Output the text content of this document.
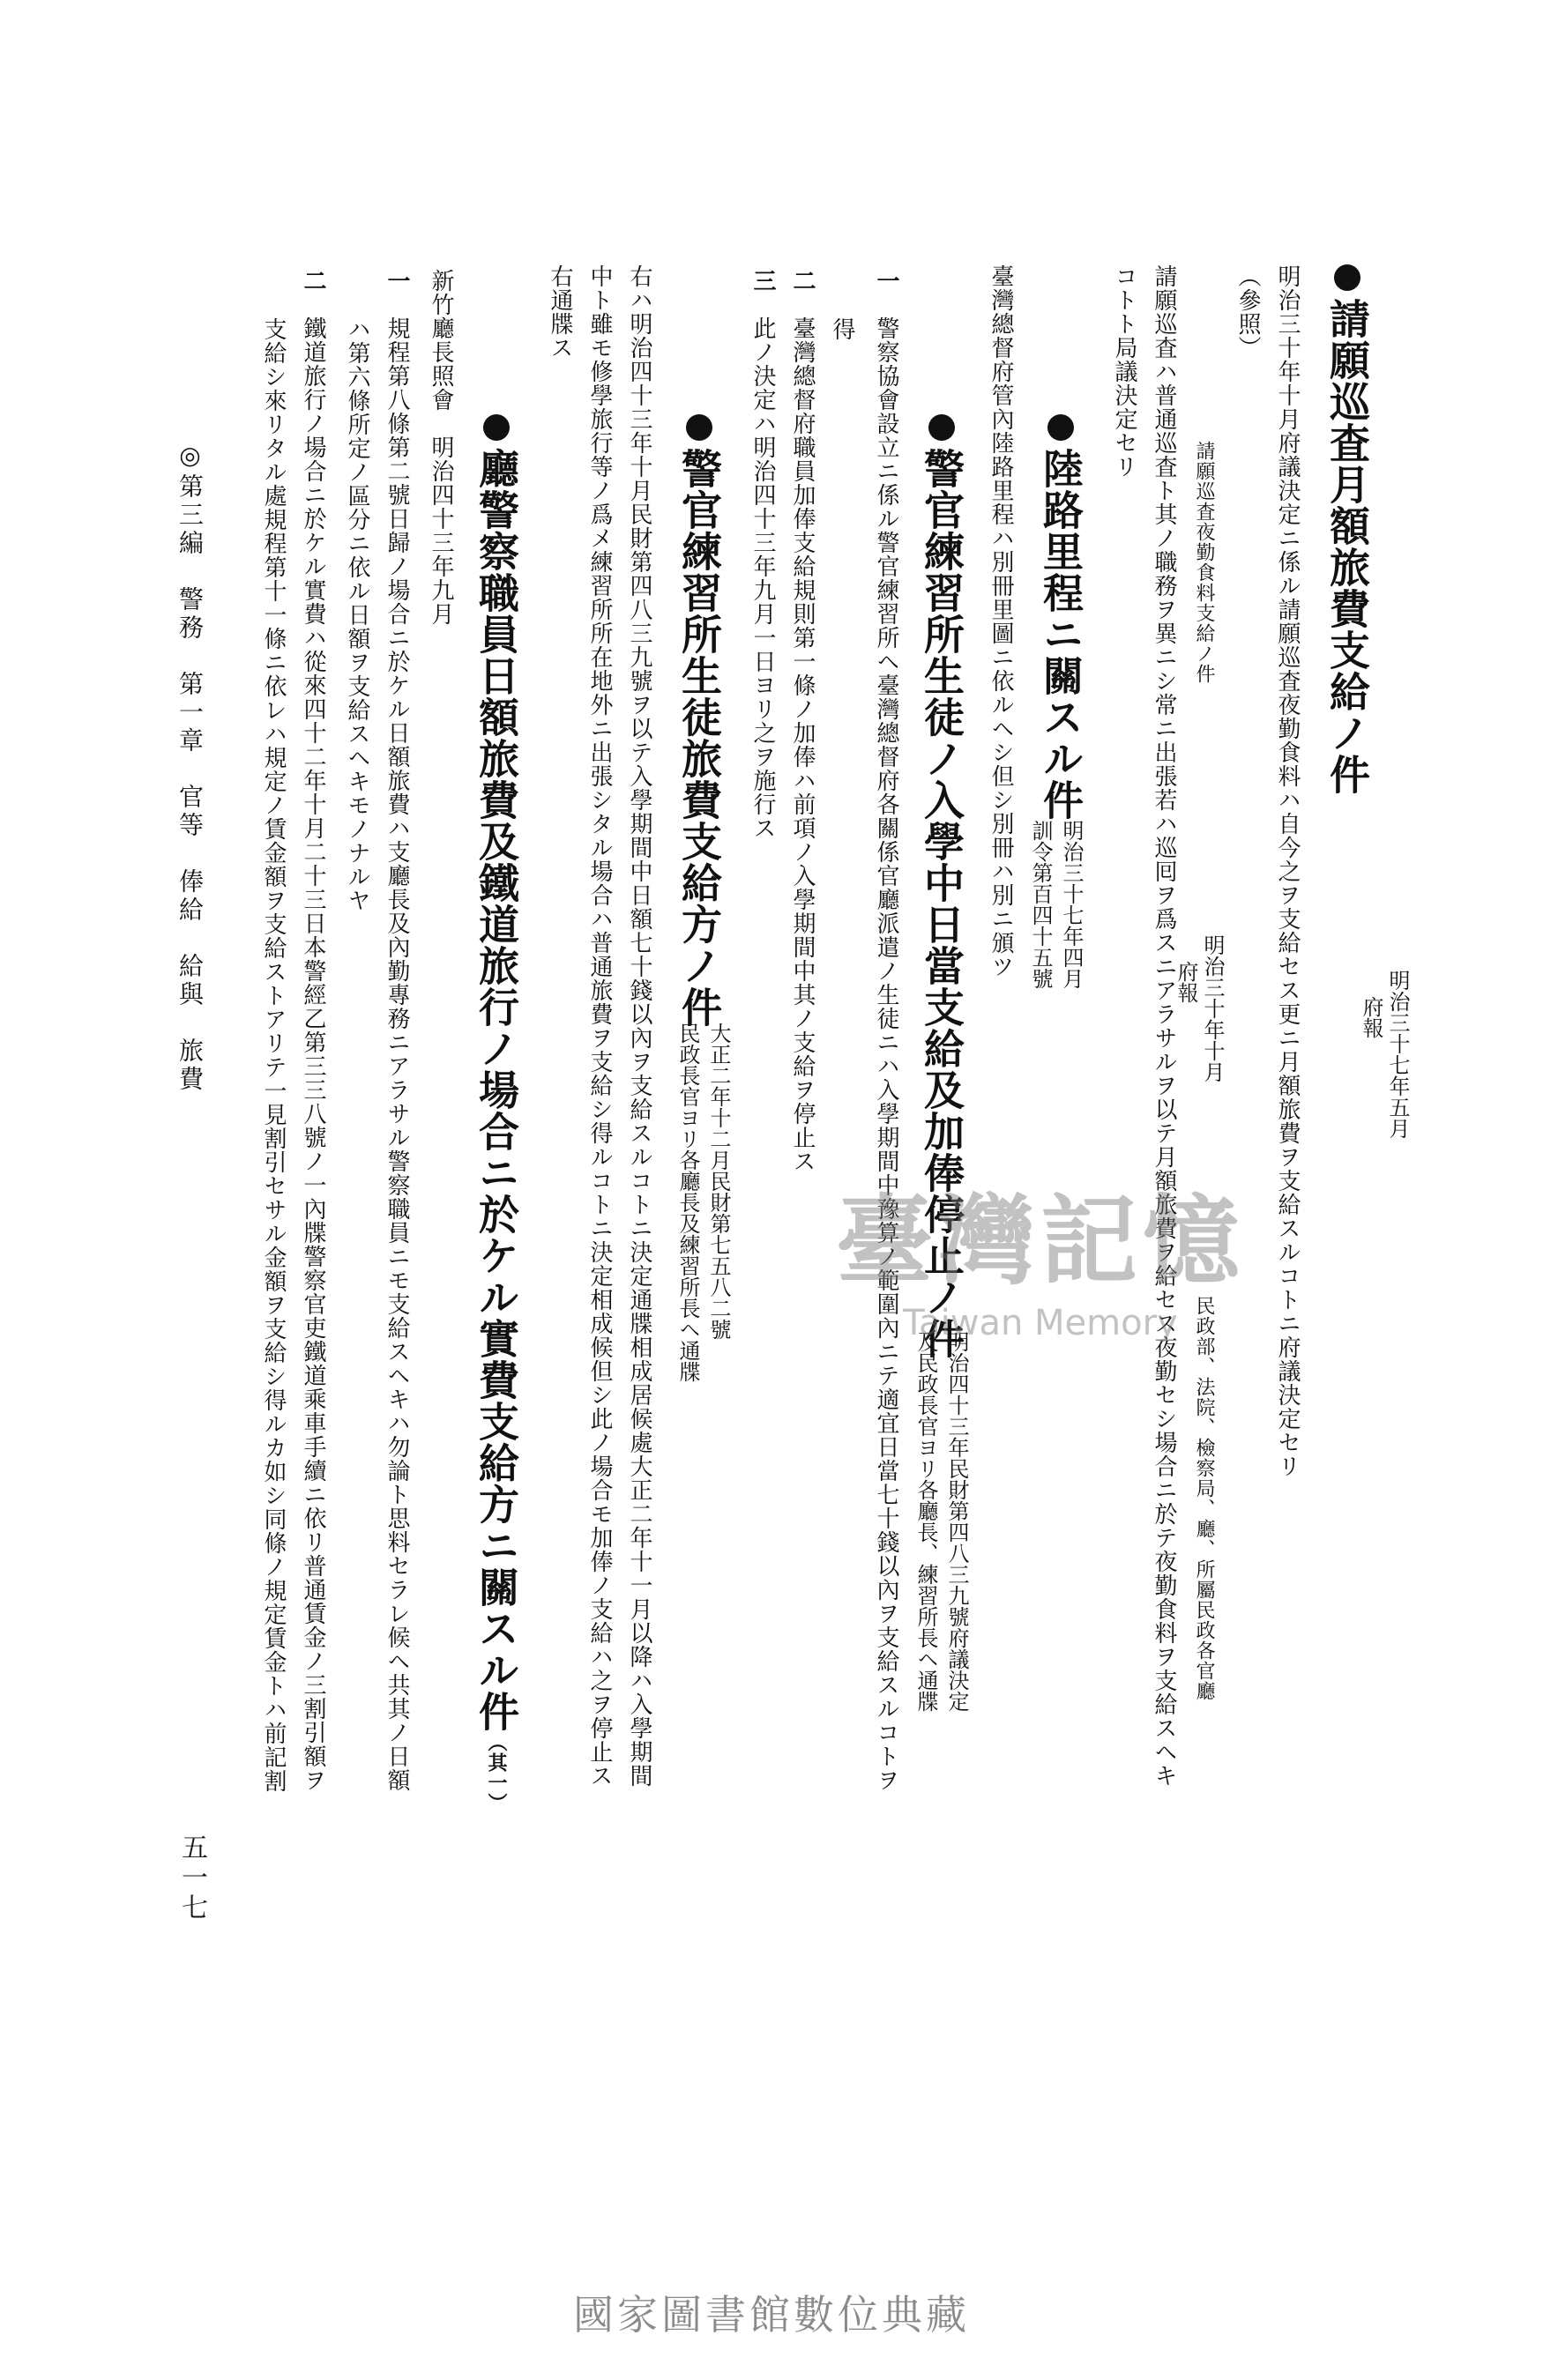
請願巡査月額旅費支給ノ件
明治三十七年五月
府報
明治三十年十月府議決定ニ係ル請願巡査夜勤食料ハ自今之ヲ支給セス更ニ月額旅費ヲ支給スルコトニ府議決定セリ
（參照）
請願巡査夜勤食料支給ノ件
明治三十年十月
府報
民政部、法院、檢察局、廳、所屬民政各官廳
請願巡査ハ普通巡査ト其ノ職務ヲ異ニシ常ニ出張若ハ巡囘ヲ爲スニアラサルヲ以テ月額旅費ヲ給セス夜勤セシ場合ニ於テ夜勤食料ヲ支給スヘキ
コトト局議決定セリ
陸路里程ニ關スル件
明治三十七年四月
訓令第百四十五號
臺灣總督府管內陸路里程ハ別冊里圖ニ依ルヘシ但シ別冊ハ別ニ頒ツ
警官練習所生徒ノ入學中日當支給及加俸停止ノ件
明治四十三年民財第四八三九號府議決定
及民政長官ヨリ各廳長、練習所長ヘ通牒
一　警察協會設立ニ係ル警官練習所ヘ臺灣總督府各關係官廳派遣ノ生徒ニハ入學期間中豫算ノ範圍內ニテ適宜日當七十錢以內ヲ支給スルコトヲ
得
二　臺灣總督府職員加俸支給規則第一條ノ加俸ハ前項ノ入學期間中其ノ支給ヲ停止ス
三　此ノ決定ハ明治四十三年九月一日ヨリ之ヲ施行ス
警官練習所生徒旅費支給方ノ件
大正二年十二月民財第七五八二號
民政長官ヨリ各廳長及練習所長ヘ通牒
右ハ明治四十三年十月民財第四八三九號ヲ以テ入學期間中日額七十錢以內ヲ支給スルコトニ決定通牒相成居候處大正二年十一月以降ハ入學期間
中ト雖モ修學旅行等ノ爲メ練習所所在地外ニ出張シタル場合ハ普通旅費ヲ支給シ得ルコトニ決定相成候但シ此ノ場合モ加俸ノ支給ハ之ヲ停止ス
右通牒ス
廳警察職員日額旅費及鐵道旅行ノ場合ニ於ケル實費支給方ニ關スル件（其一）
新竹廳長照會　明治四十三年九月
一　規程第八條第二號日歸ノ場合ニ於ケル日額旅費ハ支廳長及內勤專務ニアラサル警察職員ニモ支給スヘキハ勿論ト思料セラレ候ヘ共其ノ日額
ハ第六條所定ノ區分ニ依ル日額ヲ支給スヘキモノナルヤ
二　鐵道旅行ノ場合ニ於ケル實費ハ從來四十二年十月二十三日本警經乙第三三八號ノ一內牒警察官吏鐵道乘車手續ニ依リ普通賃金ノ三割引額ヲ
支給シ來リタル處規程第十一條ニ依レハ規定ノ賃金額ヲ支給ストアリテ一見割引セサル金額ヲ支給シ得ルカ如シ同條ノ規定賃金トハ前記割
◎第三編　警務　第一章　官等　俸給　給與　旅費
五一七
臺灣記憶
Taiwan Memory
國家圖書館數位典藏
